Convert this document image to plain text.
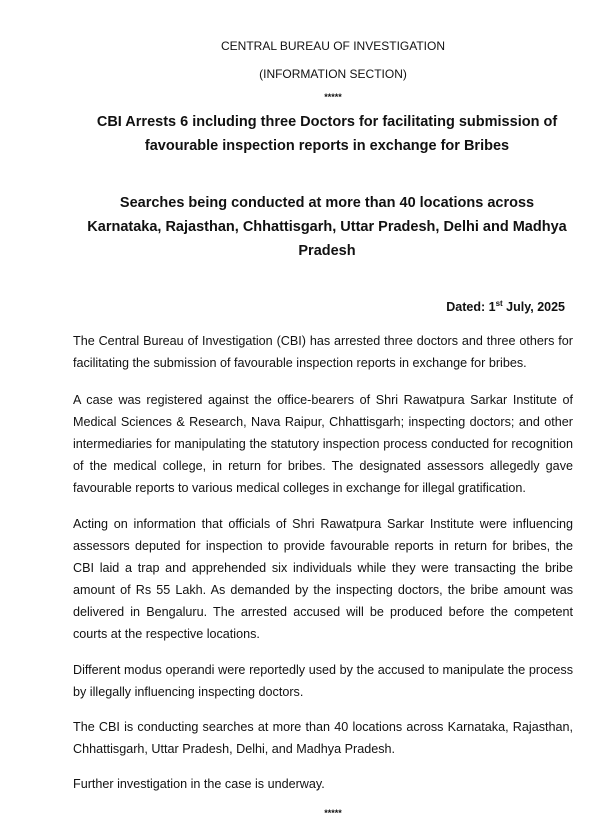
CENTRAL BUREAU OF INVESTIGATION
(INFORMATION SECTION)
*****
CBI Arrests 6 including three Doctors for facilitating submission of favourable inspection reports in exchange for Bribes
Searches being conducted at more than 40 locations across Karnataka, Rajasthan, Chhattisgarh, Uttar Pradesh, Delhi and Madhya Pradesh
Dated: 1st July, 2025

The Central Bureau of Investigation (CBI) has arrested three doctors and three others for facilitating the submission of favourable inspection reports in exchange for bribes.

A case was registered against the office-bearers of Shri Rawatpura Sarkar Institute of Medical Sciences & Research, Nava Raipur, Chhattisgarh; inspecting doctors; and other intermediaries for manipulating the statutory inspection process conducted for recognition of the medical college, in return for bribes. The designated assessors allegedly gave favourable reports to various medical colleges in exchange for illegal gratification.

Acting on information that officials of Shri Rawatpura Sarkar Institute were influencing assessors deputed for inspection to provide favourable reports in return for bribes, the CBI laid a trap and apprehended six individuals while they were transacting the bribe amount of Rs 55 Lakh. As demanded by the inspecting doctors, the bribe amount was delivered in Bengaluru. The arrested accused will be produced before the competent courts at the respective locations.

Different modus operandi were reportedly used by the accused to manipulate the process by illegally influencing inspecting doctors.

The CBI is conducting searches at more than 40 locations across Karnataka, Rajasthan, Chhattisgarh, Uttar Pradesh, Delhi, and Madhya Pradesh.

Further investigation in the case is underway.

*****
